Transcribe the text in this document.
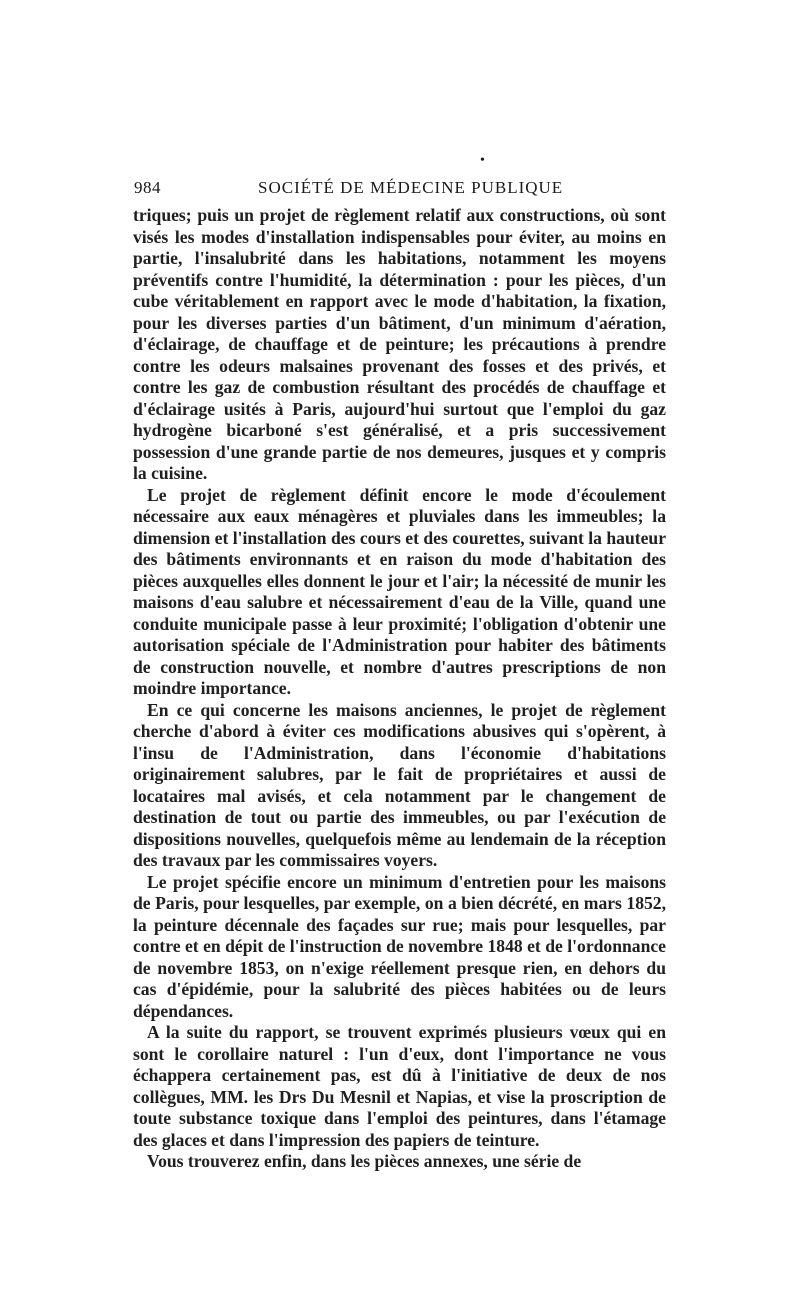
•
984	SOCIÉTÉ DE MÉDECINE PUBLIQUE

triques; puis un projet de règlement relatif aux constructions, où sont visés les modes d'installation indispensables pour éviter, au moins en partie, l'insalubrité dans les habitations, notamment les moyens préventifs contre l'humidité, la détermination : pour les pièces, d'un cube véritablement en rapport avec le mode d'habitation, la fixation, pour les diverses parties d'un bâtiment, d'un minimum d'aération, d'éclairage, de chauffage et de peinture; les précautions à prendre contre les odeurs malsaines provenant des fosses et des privés, et contre les gaz de combustion résultant des procédés de chauffage et d'éclairage usités à Paris, aujourd'hui surtout que l'emploi du gaz hydrogène bicarboné s'est généralisé, et a pris successivement possession d'une grande partie de nos demeures, jusques et y compris la cuisine.

Le projet de règlement définit encore le mode d'écoulement nécessaire aux eaux ménagères et pluviales dans les immeubles; la dimension et l'installation des cours et des courettes, suivant la hauteur des bâtiments environnants et en raison du mode d'habitation des pièces auxquelles elles donnent le jour et l'air; la nécessité de munir les maisons d'eau salubre et nécessairement d'eau de la Ville, quand une conduite municipale passe à leur proximité; l'obligation d'obtenir une autorisation spéciale de l'Administration pour habiter des bâtiments de construction nouvelle, et nombre d'autres prescriptions de non moindre importance.

En ce qui concerne les maisons anciennes, le projet de règlement cherche d'abord à éviter ces modifications abusives qui s'opèrent, à l'insu de l'Administration, dans l'économie d'habitations originairement salubres, par le fait de propriétaires et aussi de locataires mal avisés, et cela notamment par le changement de destination de tout ou partie des immeubles, ou par l'exécution de dispositions nouvelles, quelquefois même au lendemain de la réception des travaux par les commissaires voyers.

Le projet spécifie encore un minimum d'entretien pour les maisons de Paris, pour lesquelles, par exemple, on a bien décrété, en mars 1852, la peinture décennale des façades sur rue; mais pour lesquelles, par contre et en dépit de l'instruction de novembre 1848 et de l'ordonnance de novembre 1853, on n'exige réellement presque rien, en dehors du cas d'épidémie, pour la salubrité des pièces habitées ou de leurs dépendances.

A la suite du rapport, se trouvent exprimés plusieurs vœux qui en sont le corollaire naturel : l'un d'eux, dont l'importance ne vous échappera certainement pas, est dû à l'initiative de deux de nos collègues, MM. les Drs Du Mesnil et Napias, et vise la proscription de toute substance toxique dans l'emploi des peintures, dans l'étamage des glaces et dans l'impression des papiers de teinture.

Vous trouverez enfin, dans les pièces annexes, une série de
